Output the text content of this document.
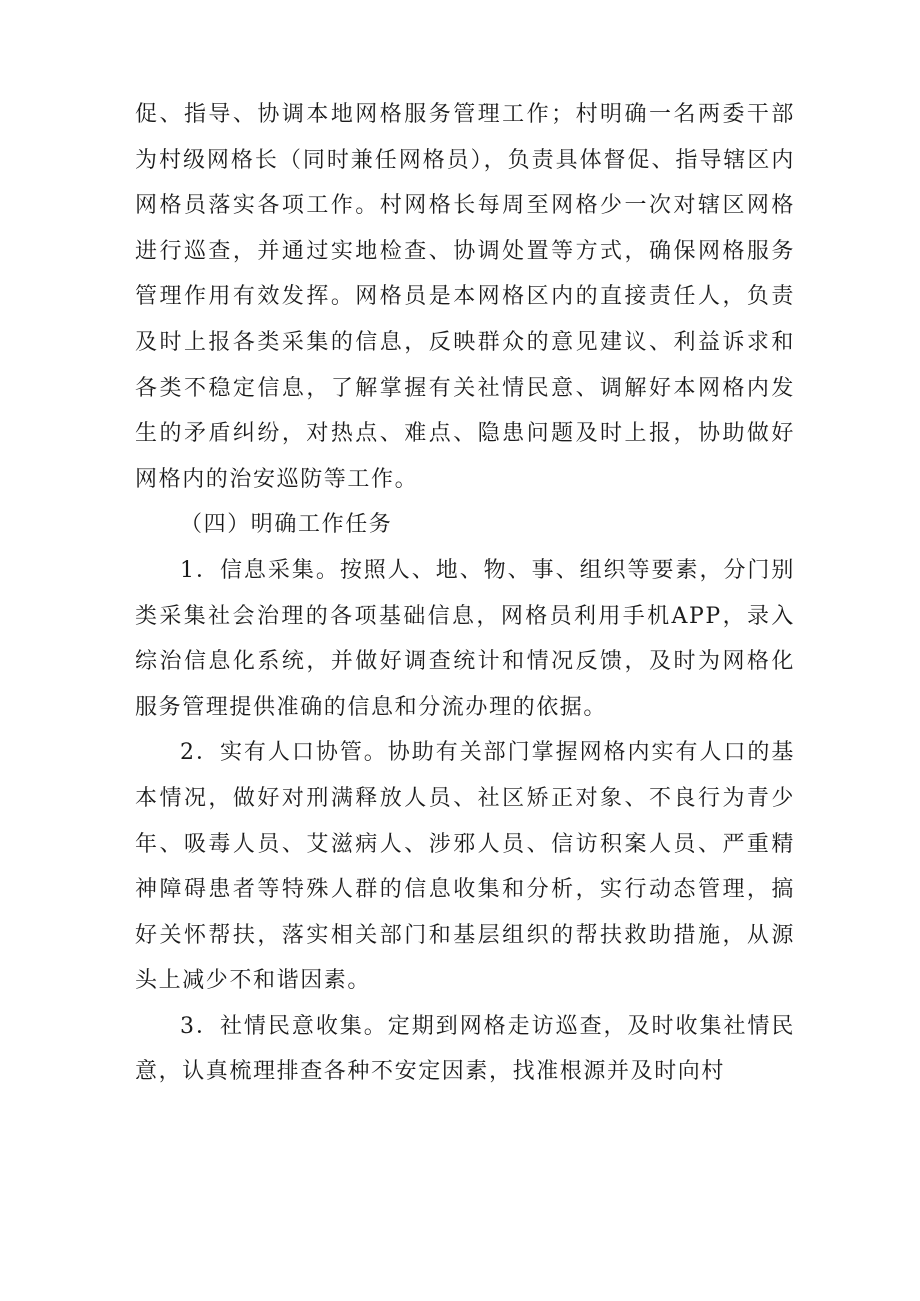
促、指导、协调本地网格服务管理工作；村明确一名两委干部为村级网格长（同时兼任网格员），负责具体督促、指导辖区内网格员落实各项工作。村网格长每周至网格少一次对辖区网格进行巡查，并通过实地检查、协调处置等方式，确保网格服务管理作用有效发挥。网格员是本网格区内的直接责任人，负责及时上报各类采集的信息，反映群众的意见建议、利益诉求和各类不稳定信息，了解掌握有关社情民意、调解好本网格内发生的矛盾纠纷，对热点、难点、隐患问题及时上报，协助做好网格内的治安巡防等工作。

（四）明确工作任务

1．信息采集。按照人、地、物、事、组织等要素，分门别类采集社会治理的各项基础信息，网格员利用手机APP，录入综治信息化系统，并做好调查统计和情况反馈，及时为网格化服务管理提供准确的信息和分流办理的依据。

2．实有人口协管。协助有关部门掌握网格内实有人口的基本情况，做好对刑满释放人员、社区矫正对象、不良行为青少年、吸毒人员、艾滋病人、涉邪人员、信访积案人员、严重精神障碍患者等特殊人群的信息收集和分析，实行动态管理，搞好关怀帮扶，落实相关部门和基层组织的帮扶救助措施，从源头上减少不和谐因素。

3．社情民意收集。定期到网格走访巡查，及时收集社情民意，认真梳理排查各种不安定因素，找准根源并及时向村
